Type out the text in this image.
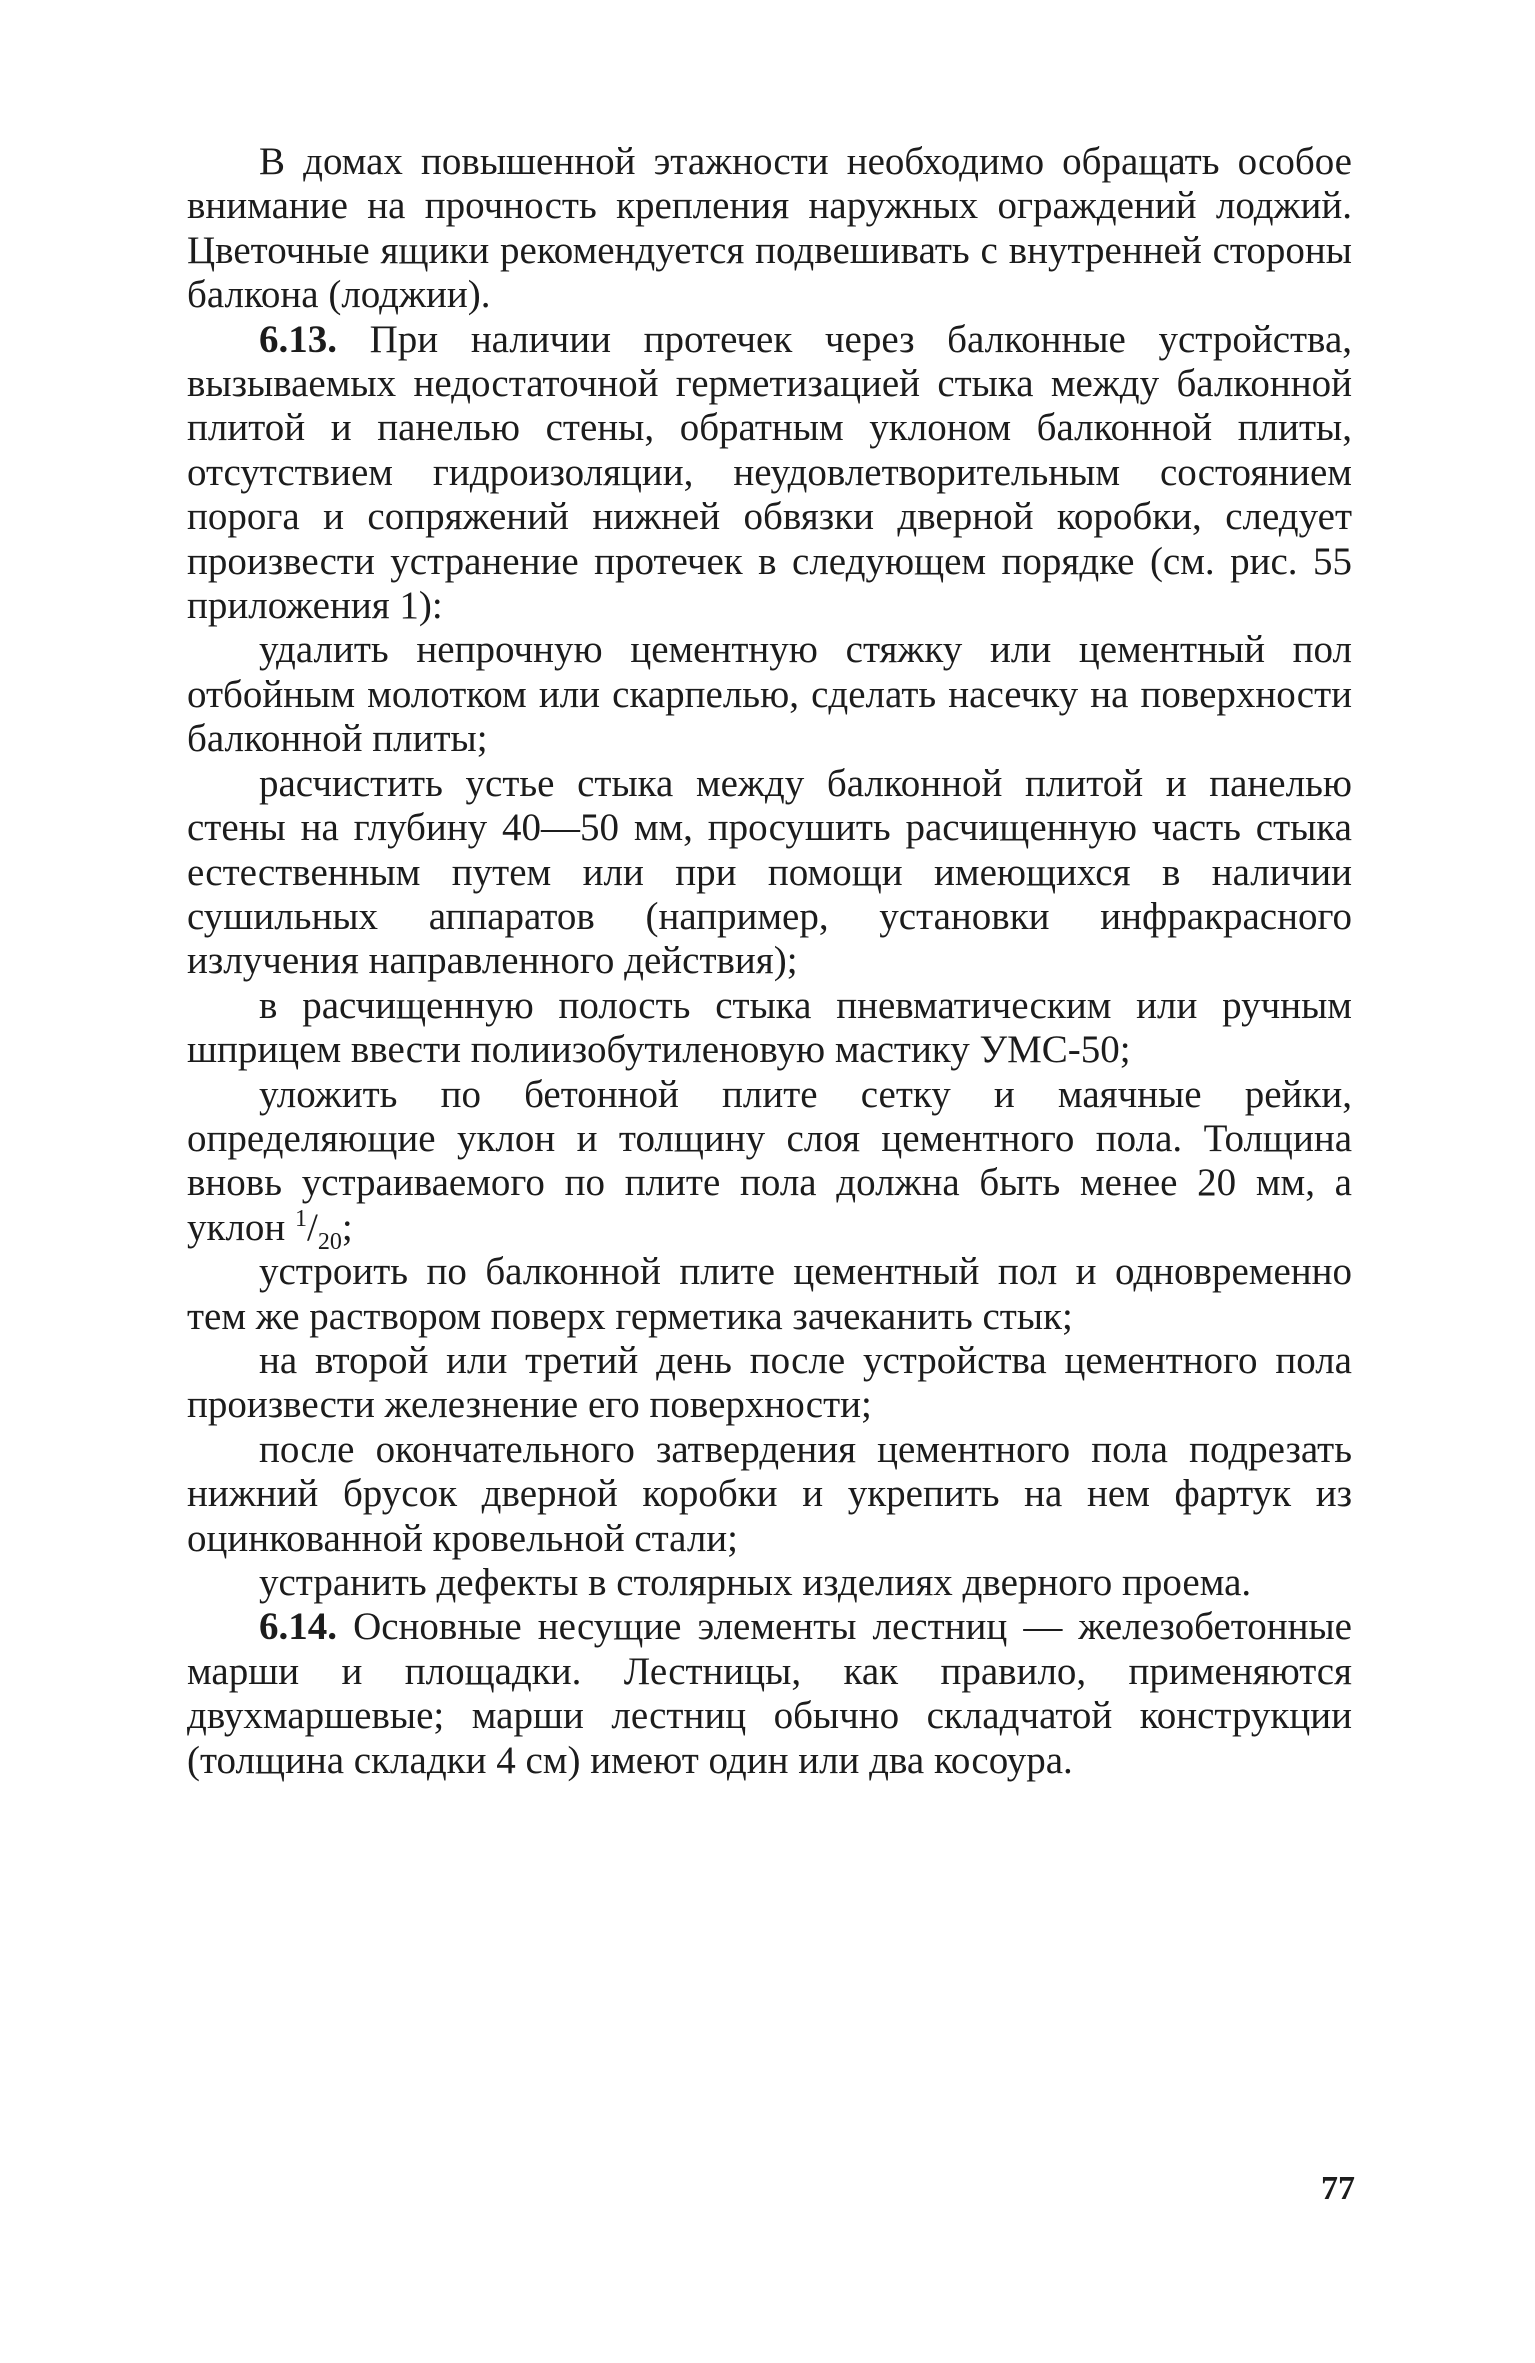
В домах повышенной этажности необходимо обращать особое внимание на прочность крепления наружных ограждений лоджий. Цветочные ящики рекомендуется подвешивать с внутренней стороны балкона (лоджии).

6.13. При наличии протечек через балконные устройства, вызываемых недостаточной герметизацией стыка между балконной плитой и панелью стены, обратным уклоном балконной плиты, отсутствием гидроизоляции, неудовлетворительным состоянием порога и сопряжений нижней обвязки дверной коробки, следует произвести устранение протечек в следующем порядке (см. рис. 55 приложения 1):

удалить непрочную цементную стяжку или цементный пол отбойным молотком или скарпелью, сделать насечку на поверхности балконной плиты;

расчистить устье стыка между балконной плитой и панелью стены на глубину 40—50 мм, просушить расчищенную часть стыка естественным путем или при помощи имеющихся в наличии сушильных аппаратов (например, установки инфракрасного излучения направленного действия);

в расчищенную полость стыка пневматическим или ручным шприцем ввести полиизобутиленовую мастику УМС-50;

уложить по бетонной плите сетку и маячные рейки, определяющие уклон и толщину слоя цементного пола. Толщина вновь устраиваемого по плите пола должна быть менее 20 мм, а уклон $^1/_{20}$;

устроить по балконной плите цементный пол и одновременно тем же раствором поверх герметика зачеканить стык;

на второй или третий день после устройства цементного пола произвести железнение его поверхности;

после окончательного затвердения цементного пола подрезать нижний брусок дверной коробки и укрепить на нем фартук из оцинкованной кровельной стали;

устранить дефекты в столярных изделиях дверного проема.

6.14. Основные несущие элементы лестниц — железобетонные марши и площадки. Лестницы, как правило, применяются двухмаршевые; марши лестниц обычно складчатой конструкции (толщина складки 4 см) имеют один или два косоура.

77
